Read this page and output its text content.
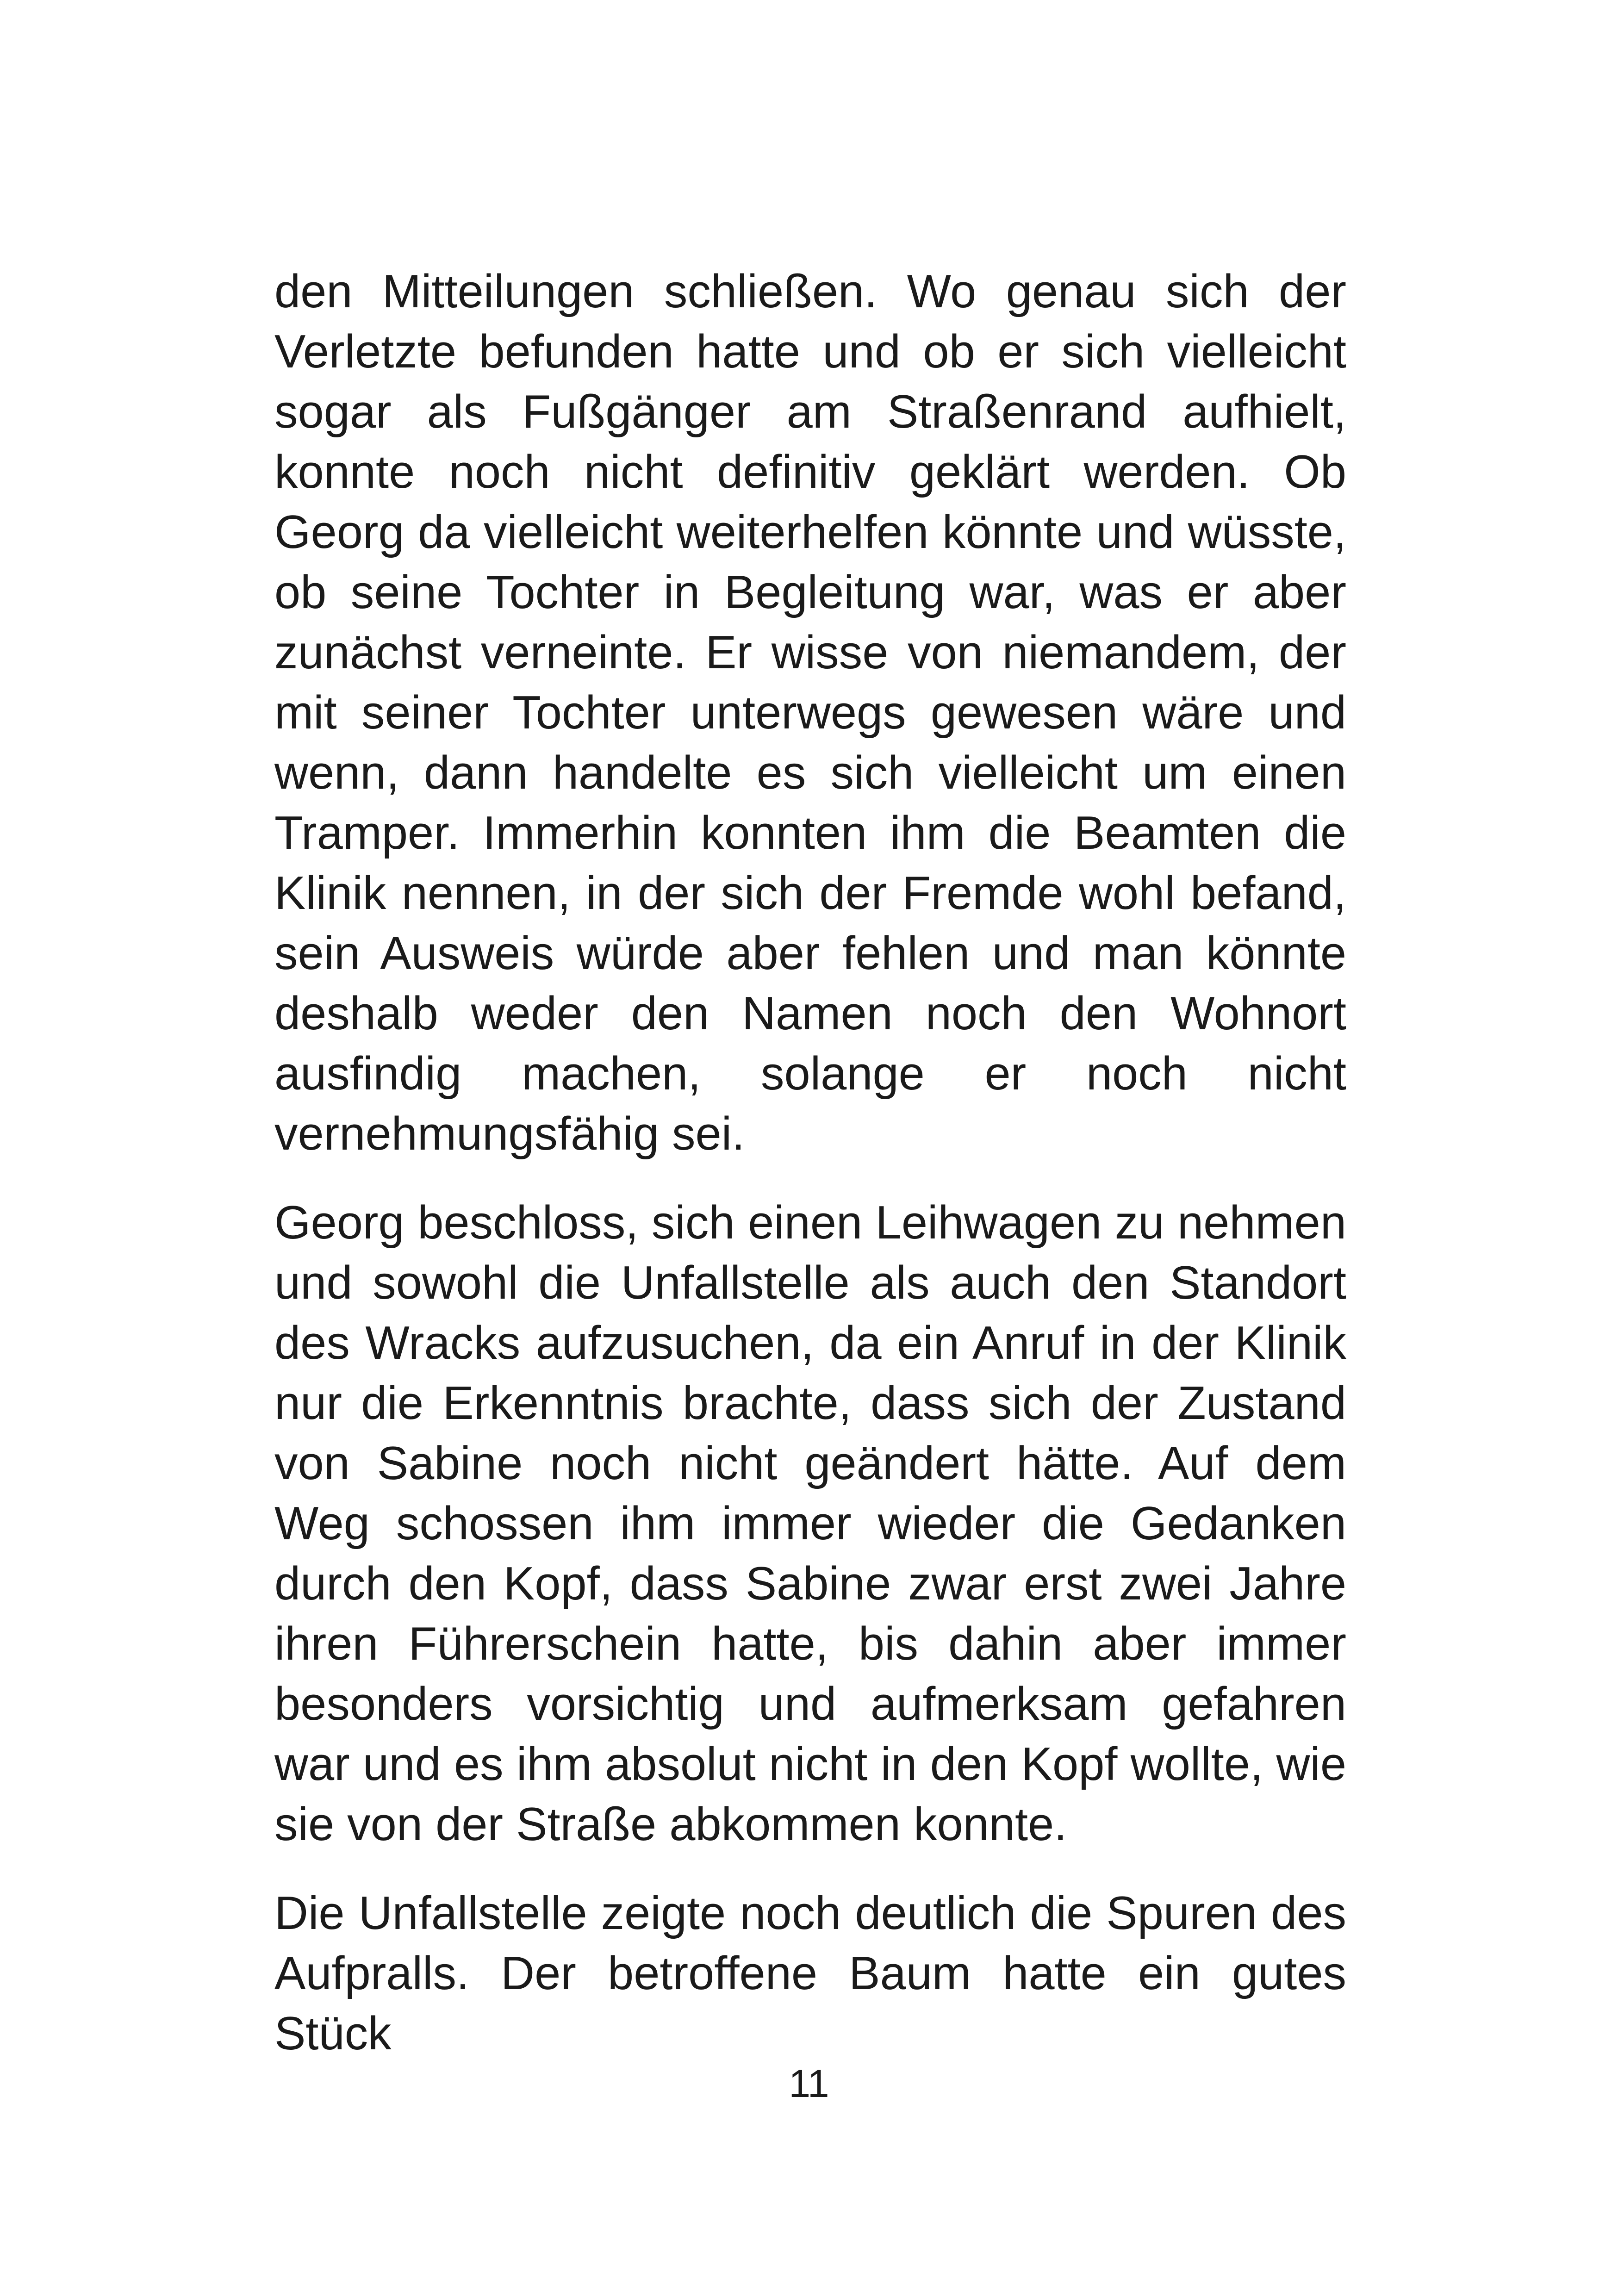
den Mitteilungen schließen. Wo genau sich der Verletzte befunden hatte und ob er sich vielleicht sogar als Fußgänger am Straßenrand aufhielt, konnte noch nicht definitiv geklärt werden. Ob Georg da vielleicht weiterhelfen könnte und wüsste, ob seine Tochter in Begleitung war, was er aber zunächst verneinte. Er wisse von niemandem, der mit seiner Tochter unterwegs gewesen wäre und wenn, dann handelte es sich vielleicht um einen Tramper. Immerhin konnten ihm die Beamten die Klinik nennen, in der sich der Fremde wohl befand, sein Ausweis würde aber fehlen und man könnte deshalb weder den Namen noch den Wohnort ausfindig machen, solange er noch nicht vernehmungsfähig sei.

Georg beschloss, sich einen Leihwagen zu nehmen und sowohl die Unfallstelle als auch den Standort des Wracks aufzusuchen, da ein Anruf in der Klinik nur die Erkenntnis brachte, dass sich der Zustand von Sabine noch nicht geändert hätte. Auf dem Weg schossen ihm immer wieder die Gedanken durch den Kopf, dass Sabine zwar erst zwei Jahre ihren Führerschein hatte, bis dahin aber immer besonders vorsichtig und aufmerksam gefahren war und es ihm absolut nicht in den Kopf wollte, wie sie von der Straße abkommen konnte.

Die Unfallstelle zeigte noch deutlich die Spuren des Aufpralls. Der betroffene Baum hatte ein gutes Stück

11
